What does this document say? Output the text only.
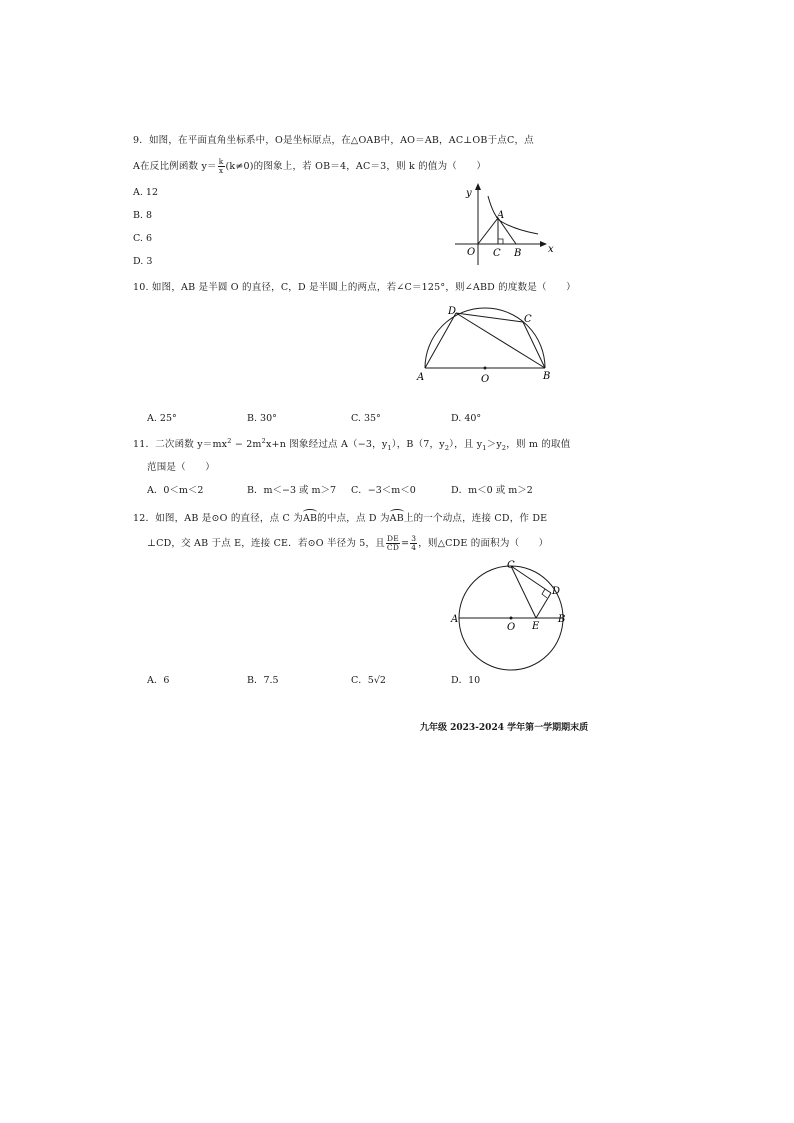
9．如图，在平面直角坐标系中，O是坐标原点，在△OAB中，AO＝AB，AC⊥OB于点C，点
A在反比例函数 $y= \frac{k}{x} (k\ne 0)$的图象上，若 OB＝4，AC＝3，则 k 的值为（　　）
A. 12
B. 8
C. 6
D. 3
y
x
O
A
C B
10. 如图，AB 是半圆 O 的直径，C，D 是半圆上的两点，若∠C＝125°，则∠ABD 的度数是（　　）
A	B
C
D
O
A. 25°	B. 30°	C. 35°	D. 40°
11．二次函数 $y=mx^2 - 2m^2x+n$ 图象经过点 A（−3，$y_1$），B（7，$y_2$），且 $y_1>y_2$，则 m 的取值
范围是（　　）
A．0＜m＜2	B．m＜−3 或 m＞7 C．−3＜m＜0	D．m＜0 或 m＞2
12．如图，AB 是⊙O 的直径，点 C 为AB的中点，点 D 为AB上的一个动点，连接 CD，作 DE
⊥CD，交 AB 于点 E，连接 CE．若⊙O 半径为 5，且 $\frac{DE}{CD} = \frac{3}{4}$ ，则△CDE 的面积为（　　）
A	B
C
D
E
O
A．6	B．7.5	C．5√2	D．10
九年级 2023-2024 学年第一学期期末质
